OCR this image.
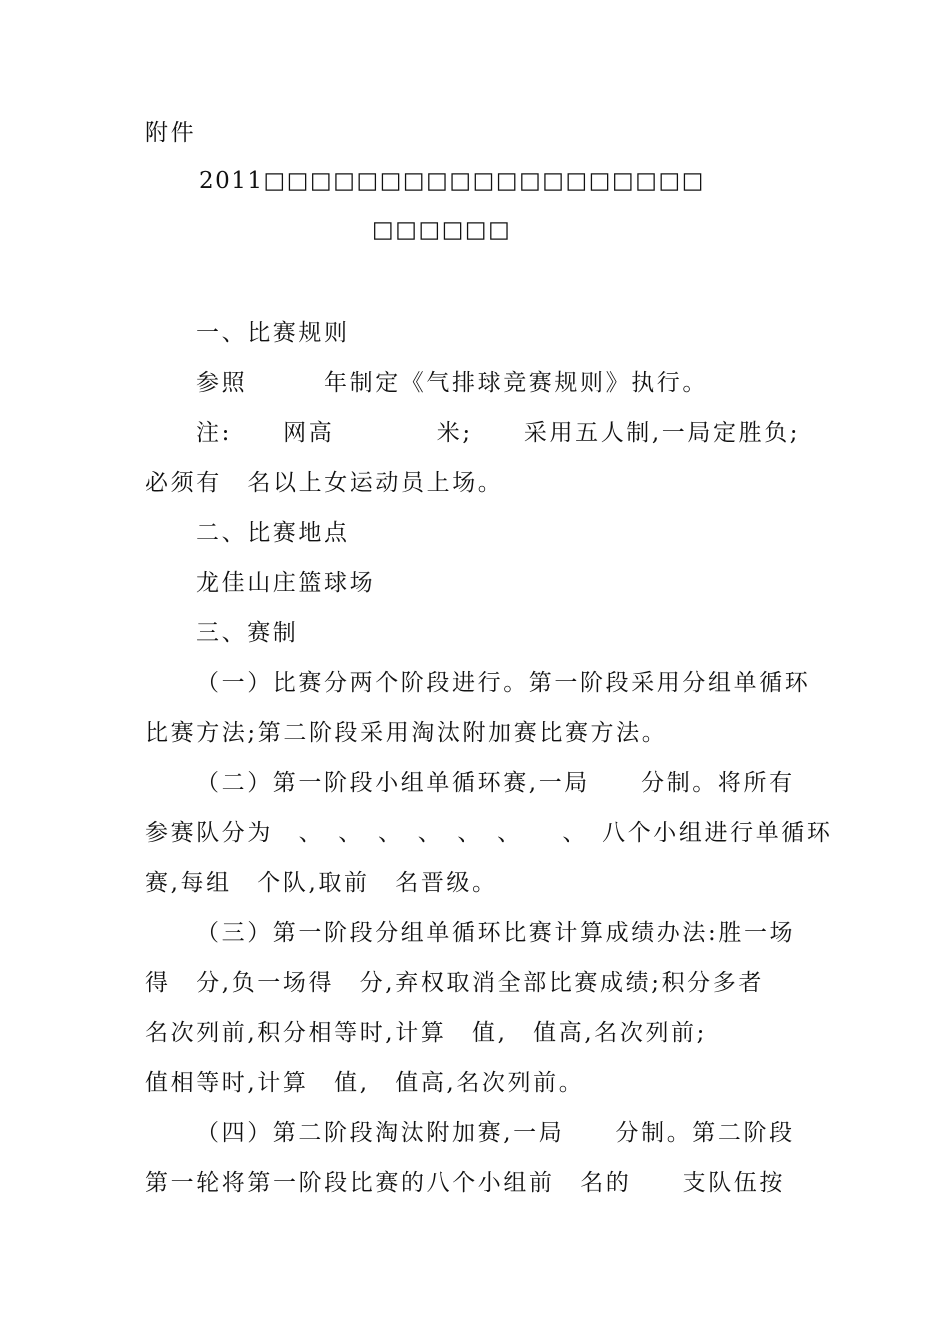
附件
2011□□□□□□□□□□□□□□□□□□□
□□□□□□
一、比赛规则
参照　　　年制定《气排球竞赛规则》执行。
注:　　网高　　　　米;　　采用五人制,一局定胜负;
必须有　名以上女运动员上场。
二、比赛地点
龙佳山庄篮球场
三、赛制
（一）比赛分两个阶段进行。第一阶段采用分组单循环
比赛方法;第二阶段采用淘汰附加赛比赛方法。
（二）第一阶段小组单循环赛,一局　　分制。将所有
参赛队分为　、　、　、　、　、　、　　、　八个小组进行单循环
赛,每组　个队,取前　名晋级。
（三）第一阶段分组单循环比赛计算成绩办法:胜一场
得　分,负一场得　分,弃权取消全部比赛成绩;积分多者
名次列前,积分相等时,计算　值,　值高,名次列前;
值相等时,计算　值,　值高,名次列前。
（四）第二阶段淘汰附加赛,一局　　分制。第二阶段
第一轮将第一阶段比赛的八个小组前　名的　　支队伍按
